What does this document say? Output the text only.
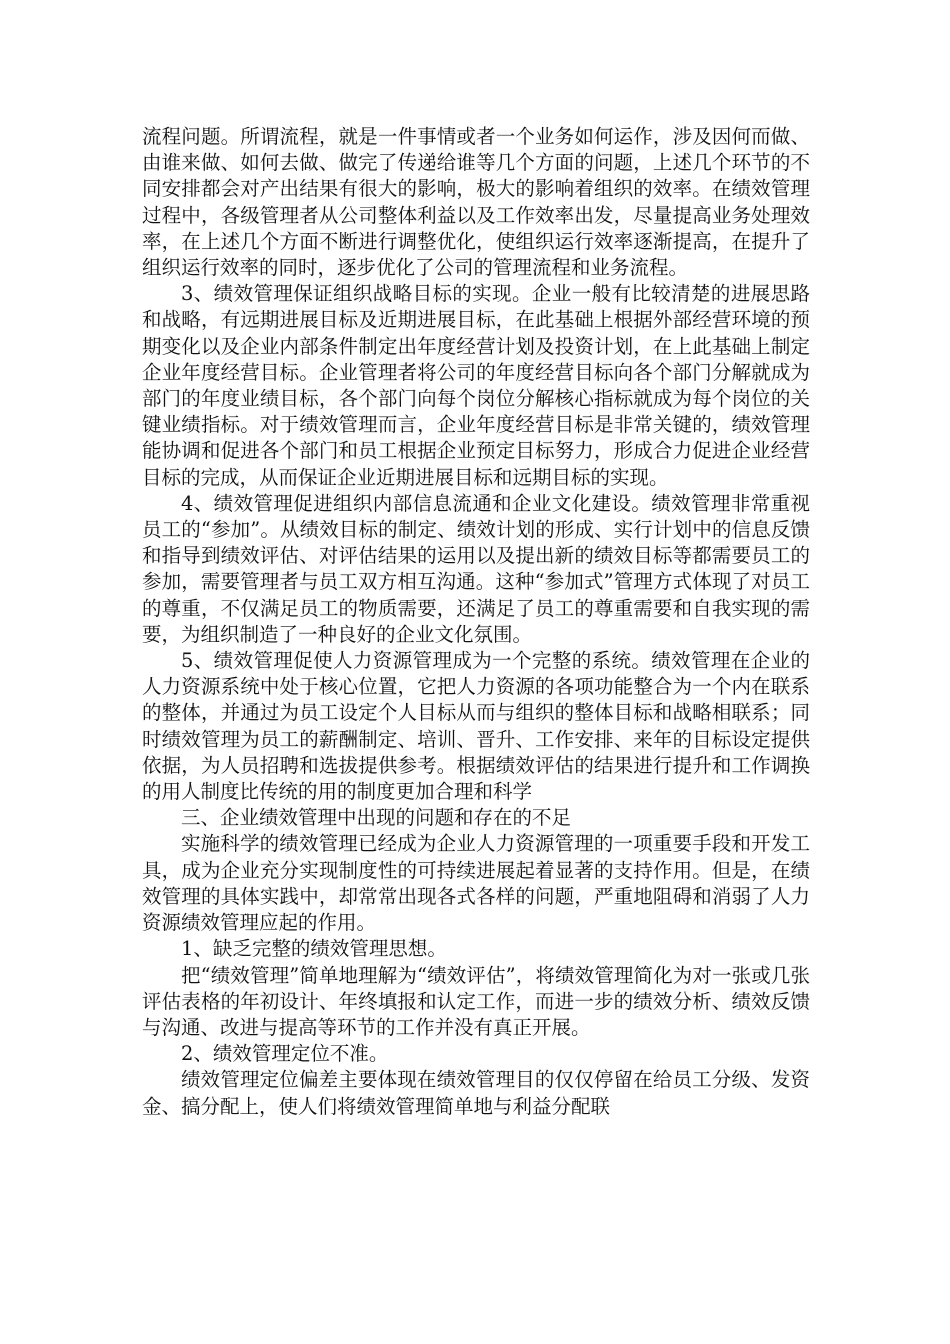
流程问题。所谓流程，就是一件事情或者一个业务如何运作，涉及因何而做、由谁来做、如何去做、做完了传递给谁等几个方面的问题，上述几个环节的不同安排都会对产出结果有很大的影响，极大的影响着组织的效率。在绩效管理过程中，各级管理者从公司整体利益以及工作效率出发，尽量提高业务处理效率，在上述几个方面不断进行调整优化，使组织运行效率逐渐提高，在提升了组织运行效率的同时，逐步优化了公司的管理流程和业务流程。

3、绩效管理保证组织战略目标的实现。企业一般有比较清楚的进展思路和战略，有远期进展目标及近期进展目标，在此基础上根据外部经营环境的预期变化以及企业内部条件制定出年度经营计划及投资计划，在上此基础上制定企业年度经营目标。企业管理者将公司的年度经营目标向各个部门分解就成为部门的年度业绩目标，各个部门向每个岗位分解核心指标就成为每个岗位的关键业绩指标。对于绩效管理而言，企业年度经营目标是非常关键的，绩效管理能协调和促进各个部门和员工根据企业预定目标努力，形成合力促进企业经营目标的完成，从而保证企业近期进展目标和远期目标的实现。

4、绩效管理促进组织内部信息流通和企业文化建设。绩效管理非常重视员工的“参加”。从绩效目标的制定、绩效计划的形成、实行计划中的信息反馈和指导到绩效评估、对评估结果的运用以及提出新的绩效目标等都需要员工的参加，需要管理者与员工双方相互沟通。这种“参加式”管理方式体现了对员工的尊重，不仅满足员工的物质需要，还满足了员工的尊重需要和自我实现的需要，为组织制造了一种良好的企业文化氛围。

5、绩效管理促使人力资源管理成为一个完整的系统。绩效管理在企业的人力资源系统中处于核心位置，它把人力资源的各项功能整合为一个内在联系的整体，并通过为员工设定个人目标从而与组织的整体目标和战略相联系；同时绩效管理为员工的薪酬制定、培训、晋升、工作安排、来年的目标设定提供依据，为人员招聘和选拔提供参考。根据绩效评估的结果进行提升和工作调换的用人制度比传统的用的制度更加合理和科学

三、企业绩效管理中出现的问题和存在的不足

实施科学的绩效管理已经成为企业人力资源管理的一项重要手段和开发工具，成为企业充分实现制度性的可持续进展起着显著的支持作用。但是，在绩效管理的具体实践中，却常常出现各式各样的问题，严重地阻碍和消弱了人力资源绩效管理应起的作用。

1、缺乏完整的绩效管理思想。

把“绩效管理”简单地理解为“绩效评估”，将绩效管理简化为对一张或几张评估表格的年初设计、年终填报和认定工作，而进一步的绩效分析、绩效反馈与沟通、改进与提高等环节的工作并没有真正开展。

2、绩效管理定位不准。

绩效管理定位偏差主要体现在绩效管理目的仅仅停留在给员工分级、发资金、搞分配上，使人们将绩效管理简单地与利益分配联
